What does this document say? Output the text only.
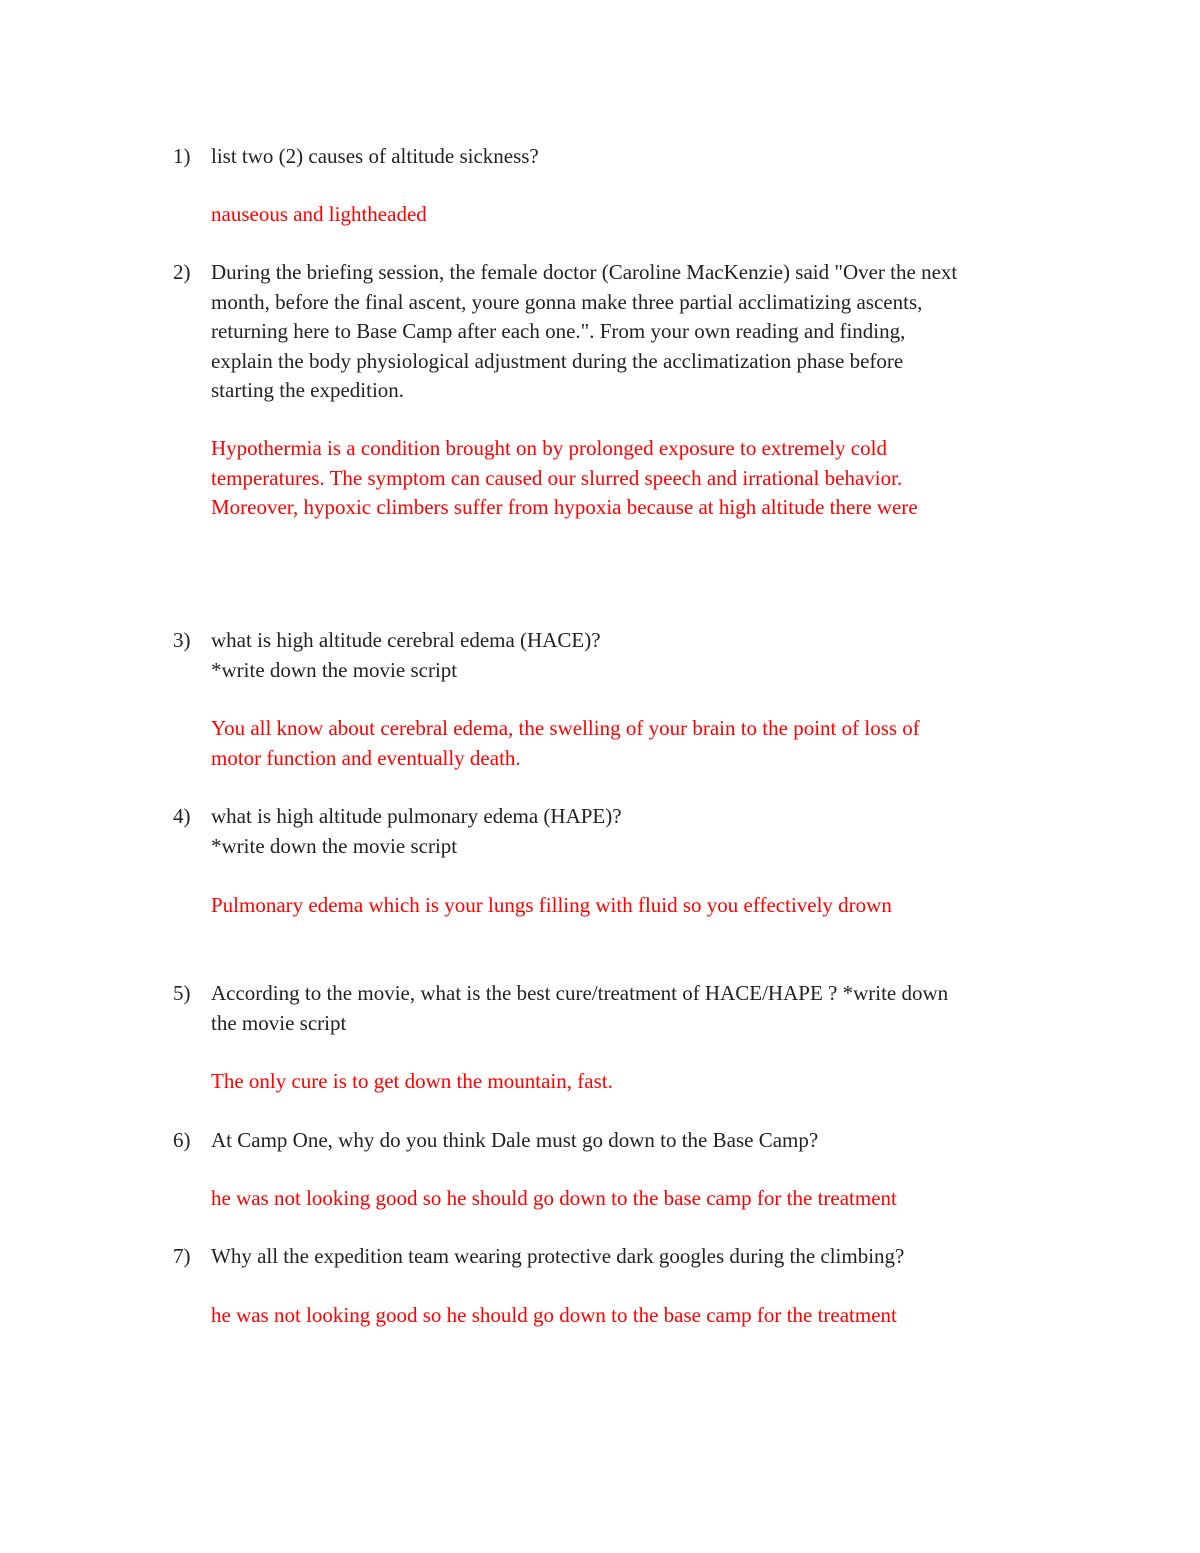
1) list two (2) causes of altitude sickness?
nauseous and lightheaded
2) During the briefing session, the female doctor (Caroline MacKenzie) said "Over the next
month, before the final ascent, youre gonna make three partial acclimatizing ascents,
returning here to Base Camp after each one.". From your own reading and finding,
explain the body physiological adjustment during the acclimatization phase before
starting the expedition.
Hypothermia is a condition brought on by prolonged exposure to extremely cold
temperatures. The symptom can caused our slurred speech and irrational behavior.
Moreover, hypoxic climbers suffer from hypoxia because at high altitude there were
3) what is high altitude cerebral edema (HACE)?
*write down the movie script
You all know about cerebral edema, the swelling of your brain to the point of loss of
motor function and eventually death.
4) what is high altitude pulmonary edema (HAPE)?
*write down the movie script
Pulmonary edema which is your lungs filling with fluid so you effectively drown
5) According to the movie, what is the best cure/treatment of HACE/HAPE ? *write down
the movie script
The only cure is to get down the mountain, fast.
6) At Camp One, why do you think Dale must go down to the Base Camp?
he was not looking good so he should go down to the base camp for the treatment
7) Why all the expedition team wearing protective dark googles during the climbing?
he was not looking good so he should go down to the base camp for the treatment
